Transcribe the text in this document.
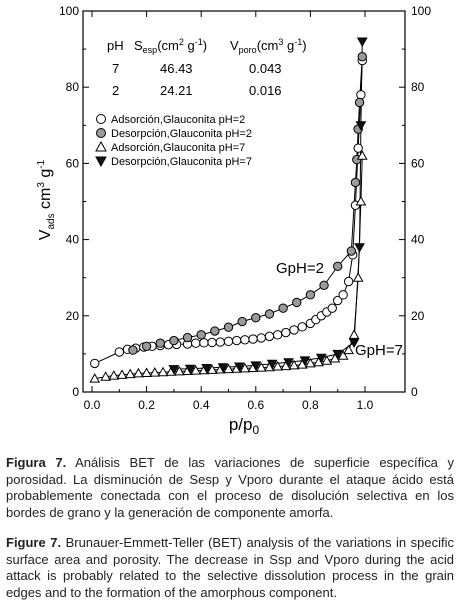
0.0	0.2	0.4	0.6	0.8	1.0
0
20
40
60
80
100
0
20
40
60
80
100
$p/p_0$
$V_{ads}$ $cm^3$ $g^{-1}$
pH $S_{esp}(cm^2$ $g^{-1}$) $V_{poro}(cm^3$ $g^{-1}$)
7	46.43	0.043
2	24.21	0.016
Adsorción,Glauconita pH=2
Desorpción,Glauconita pH=2
Adsorción,Glauconita pH=7
Desorpción,Glauconita pH=7
GpH=2
GpH=7
Figura 7. Análisis BET de las variaciones de superficie específica y porosidad. La disminución de Sesp y Vporo durante el ataque ácido está probablemente conectada con el proceso de disolución selectiva en los bordes de grano y la generación de componente amorfa.
Figure 7. Brunauer-Emmett-Teller (BET) analysis of the variations in specific surface area and porosity. The decrease in Ssp and Vporo during the acid attack is probably related to the selective dissolution process in the grain edges and to the formation of the amorphous component.
